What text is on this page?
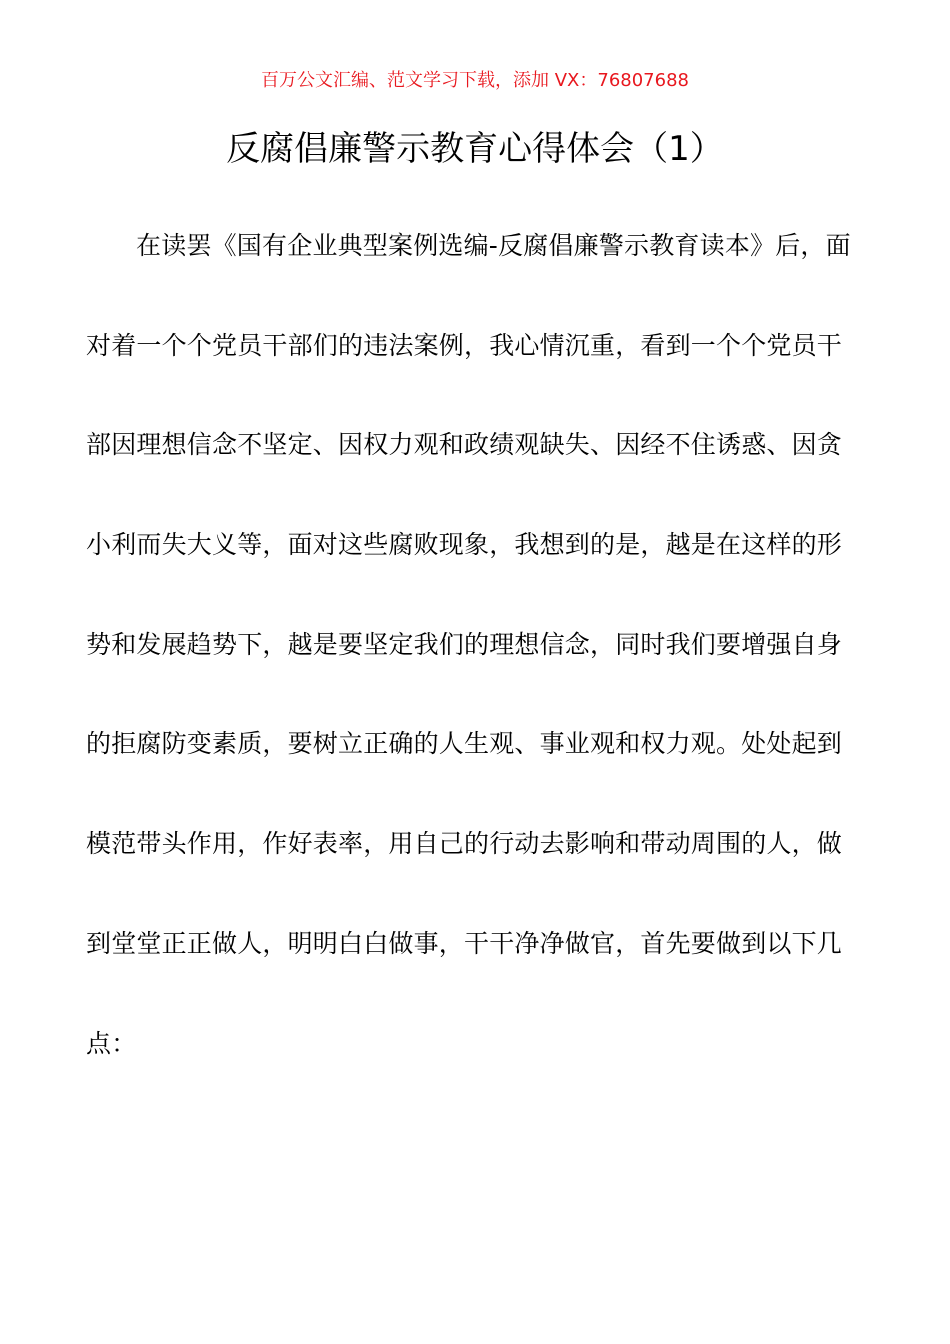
百万公文汇编、范文学习下载，添加 VX：76807688
反腐倡廉警示教育心得体会（1）
在读罢《国有企业典型案例选编-反腐倡廉警示教育读本》后，面
对着一个个党员干部们的违法案例，我心情沉重，看到一个个党员干
部因理想信念不坚定、因权力观和政绩观缺失、因经不住诱惑、因贪
小利而失大义等，面对这些腐败现象，我想到的是，越是在这样的形
势和发展趋势下，越是要坚定我们的理想信念，同时我们要增强自身
的拒腐防变素质，要树立正确的人生观、事业观和权力观。处处起到
模范带头作用，作好表率，用自己的行动去影响和带动周围的人，做
到堂堂正正做人，明明白白做事，干干净净做官，首先要做到以下几
点：
